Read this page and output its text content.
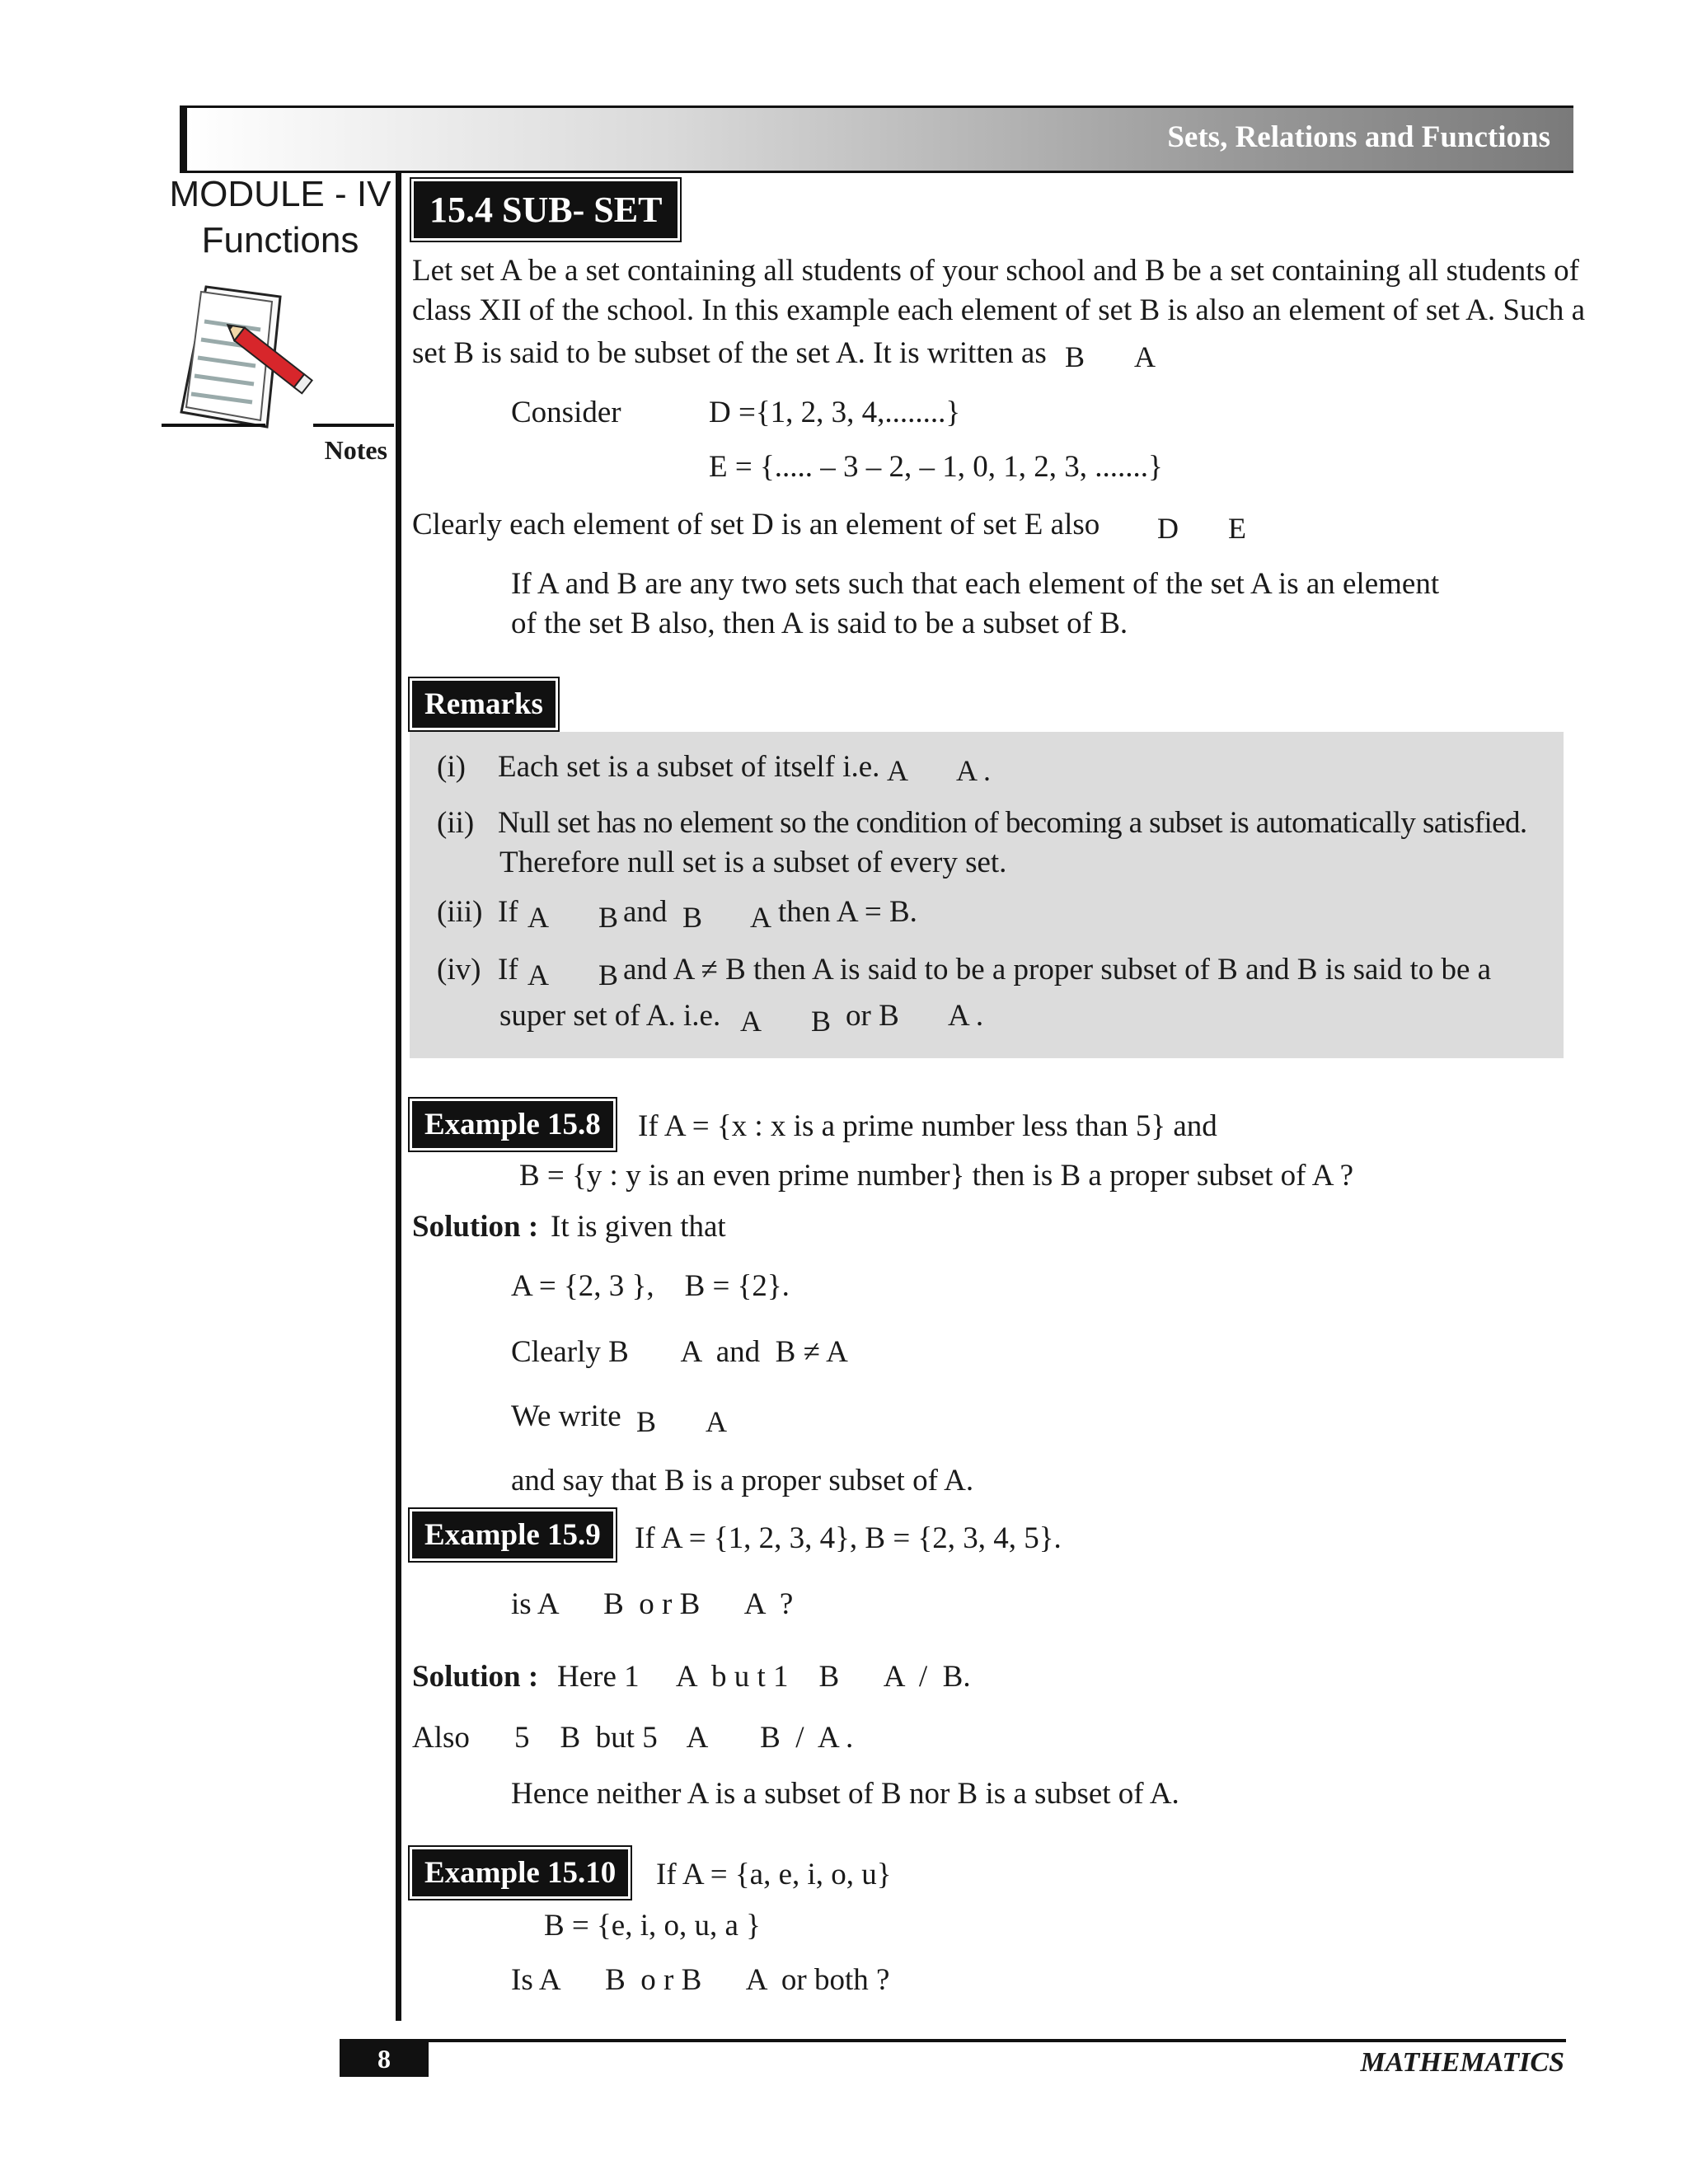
Sets, Relations and Functions
MODULE - IV
Functions
Notes
15.4 SUB- SET
Let set A be a set containing all students of your school and B be a set containing all students of
class XII of the school. In this example each element of set B is also an element of set A. Such a
set B is said to be subset of the set A. It is written as B A
Consider	D ={1, 2, 3, 4,........}
E = {..... – 3 – 2, – 1, 0, 1, 2, 3, .......}
Clearly each element of set D is an element of set E also D E
If A and B are any two sets such that each element of the set A is an element
of the set B also, then A is said to be a subset of B.
Remarks
(i) Each set is a subset of itself i.e. A A .
(ii) Null set has no element so the condition of becoming a subset is automatically satisfied.
Therefore null set is a subset of every set.
(iii) If A B and B A then A = B.
(iv) If A B and A ≠ B then A is said to be a proper subset of B and B is said to be a
super set of A. i.e. A B or B A .
Example 15.8	If A = {x : x is a prime number less than 5} and
B = {y : y is an even prime number} then is B a proper subset of A ?
Solution : It is given that
A = {2, 3 },    B = {2}.
Clearly B       A  and  B ≠ A
We write B A
and say that B is a proper subset of A.
Example 15.9	If A = {1, 2, 3, 4}, B = {2, 3, 4, 5}.
is A      B  o r B      A  ?
Solution : Here 1     A  b u t 1    B      A  /  B.
Also 5    B  but 5    A       B  /  A .
Hence neither A is a subset of B nor B is a subset of A.
Example 15.10	If A = {a, e, i, o, u}
B = {e, i, o, u, a }
Is A      B  o r B      A  or both ?
8	MATHEMATICS
